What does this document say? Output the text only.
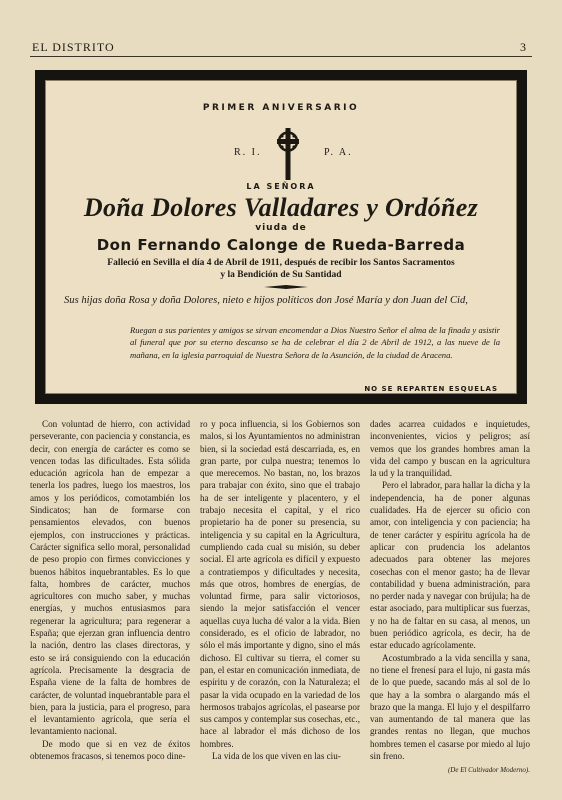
EL DISTRITO	3
PRIMER ANIVERSARIO
R. I.	P. A.
LA SEÑORA
Doña Dolores Valladares y Ordóñez
viuda de
Don Fernando Calonge de Rueda-Barreda
Falleció en Sevilla el día 4 de Abril de 1911, después de recibir los Santos Sacramentos
y la Bendición de Su Santidad
Sus hijas doña Rosa y doña Dolores, nieto e hijos políticos don José María y don Juan del Cid,
Ruegan a sus parientes y amigos se sirvan encomendar a Dios Nuestro Señor el alma de la finada y asistir al funeral que por su eterno descanso se ha de celebrar el día 2 de Abril de 1912, a las nueve de la mañana, en la iglesia parroquial de Nuestra Señora de la Asunción, de la ciudad de Aracena.
NO SE REPARTEN ESQUELAS

Con voluntad de hierro, con actividad perseverante, con paciencia y constancia, es decir, con energía de carácter es como se vencen todas las dificultades. Esta sólida educación agrícola han de empezar a tenerla los padres, luego los maestros, los amos y los periódicos, comotambién los Sindicatos; han de formarse con pensamientos elevados, con buenos ejemplos, con instrucciones y prácticas. Carácter significa sello moral, personalidad de peso propio con firmes convicciones y buenos hábitos inquebrantables. Es lo que falta, hombres de carácter, muchos agricultores con mucho saber, y muchas energías, y muchos entusiasmos para regenerar la agricultura; para regenerar a España; que ejerzan gran influencia dentro la nación, dentro las clases directoras, y esto se irá consiguiendo con la educación agrícola. Precisamente la desgracia de España viene de la falta de hombres de carácter, de voluntad inquebrantable para el bien, para la justicia, para el progreso, para el levantamiento agrícola, que sería el levantamiento nacional.

De modo que si en vez de éxitos obtenemos fracasos, si tenemos poco dine-

ro y poca influencia, si los Gobiernos son malos, si los Ayuntamientos no administran bien, si la sociedad está descarriada, es, en gran parte, por culpa nuestra; tenemos lo que merecemos. No bastan, no, los brazos para trabajar con éxito, sino que el trabajo ha de ser inteligente y placentero, y el trabajo necesita el capital, y el rico propietario ha de poner su presencia, su inteligencia y su capital en la Agricultura, cumpliendo cada cual su misión, su deber social. El arte agrícola es difícil y expuesto a contratiempos y dificultades y necesita, más que otros, hombres de energías, de voluntad firme, para salir victoriosos, siendo la mejor satisfacción el vencer aquellas cuya lucha dé valor a la vida. Bien considerado, es el oficio de labrador, no sólo el más importante y digno, sino el más dichoso. El cultivar su tierra, el comer su pan, el estar en comunicación inmediata, de espíritu y de corazón, con la Naturaleza; el pasar la vida ocupado en la variedad de los hermosos trabajos agrícolas, el pasearse por sus campos y contemplar sus cosechas, etc., hace al labrador el más dichoso de los hombres.

La vida de los que viven en las ciu-

dades acarrea cuidados e inquietudes, inconvenientes, vicios y peligros; así vemos que los grandes hombres aman la vida del campo y buscan en la agricultura la ud y la tranquilidad.

Pero el labrador, para hallar la dicha y la independencia, ha de poner algunas cualidades. Ha de ejercer su oficio con amor, con inteligencia y con paciencia; ha de tener carácter y espíritu agrícola ha de aplicar con prudencia los adelantos adecuados para obtener las mejores cosechas con el menor gasto; ha de llevar contabilidad y buena administración, para no perder nada y navegar con brújula; ha de estar asociado, para multiplicar sus fuerzas, y no ha de faltar en su casa, al menos, un buen periódico agrícola, es decir, ha de estar educado agrícolamente.

Acostumbrado a la vida sencilla y sana, no tiene el frenesí para el lujo, ni gasta más de lo que puede, sacando más al sol de lo que hay a la sombra o alargando más el brazo que la manga. El lujo y el despilfarro van aumentando de tal manera que las grandes rentas no llegan, que muchos hombres temen el casarse por miedo al lujo sin freno.

(De El Cultivador Moderno).
